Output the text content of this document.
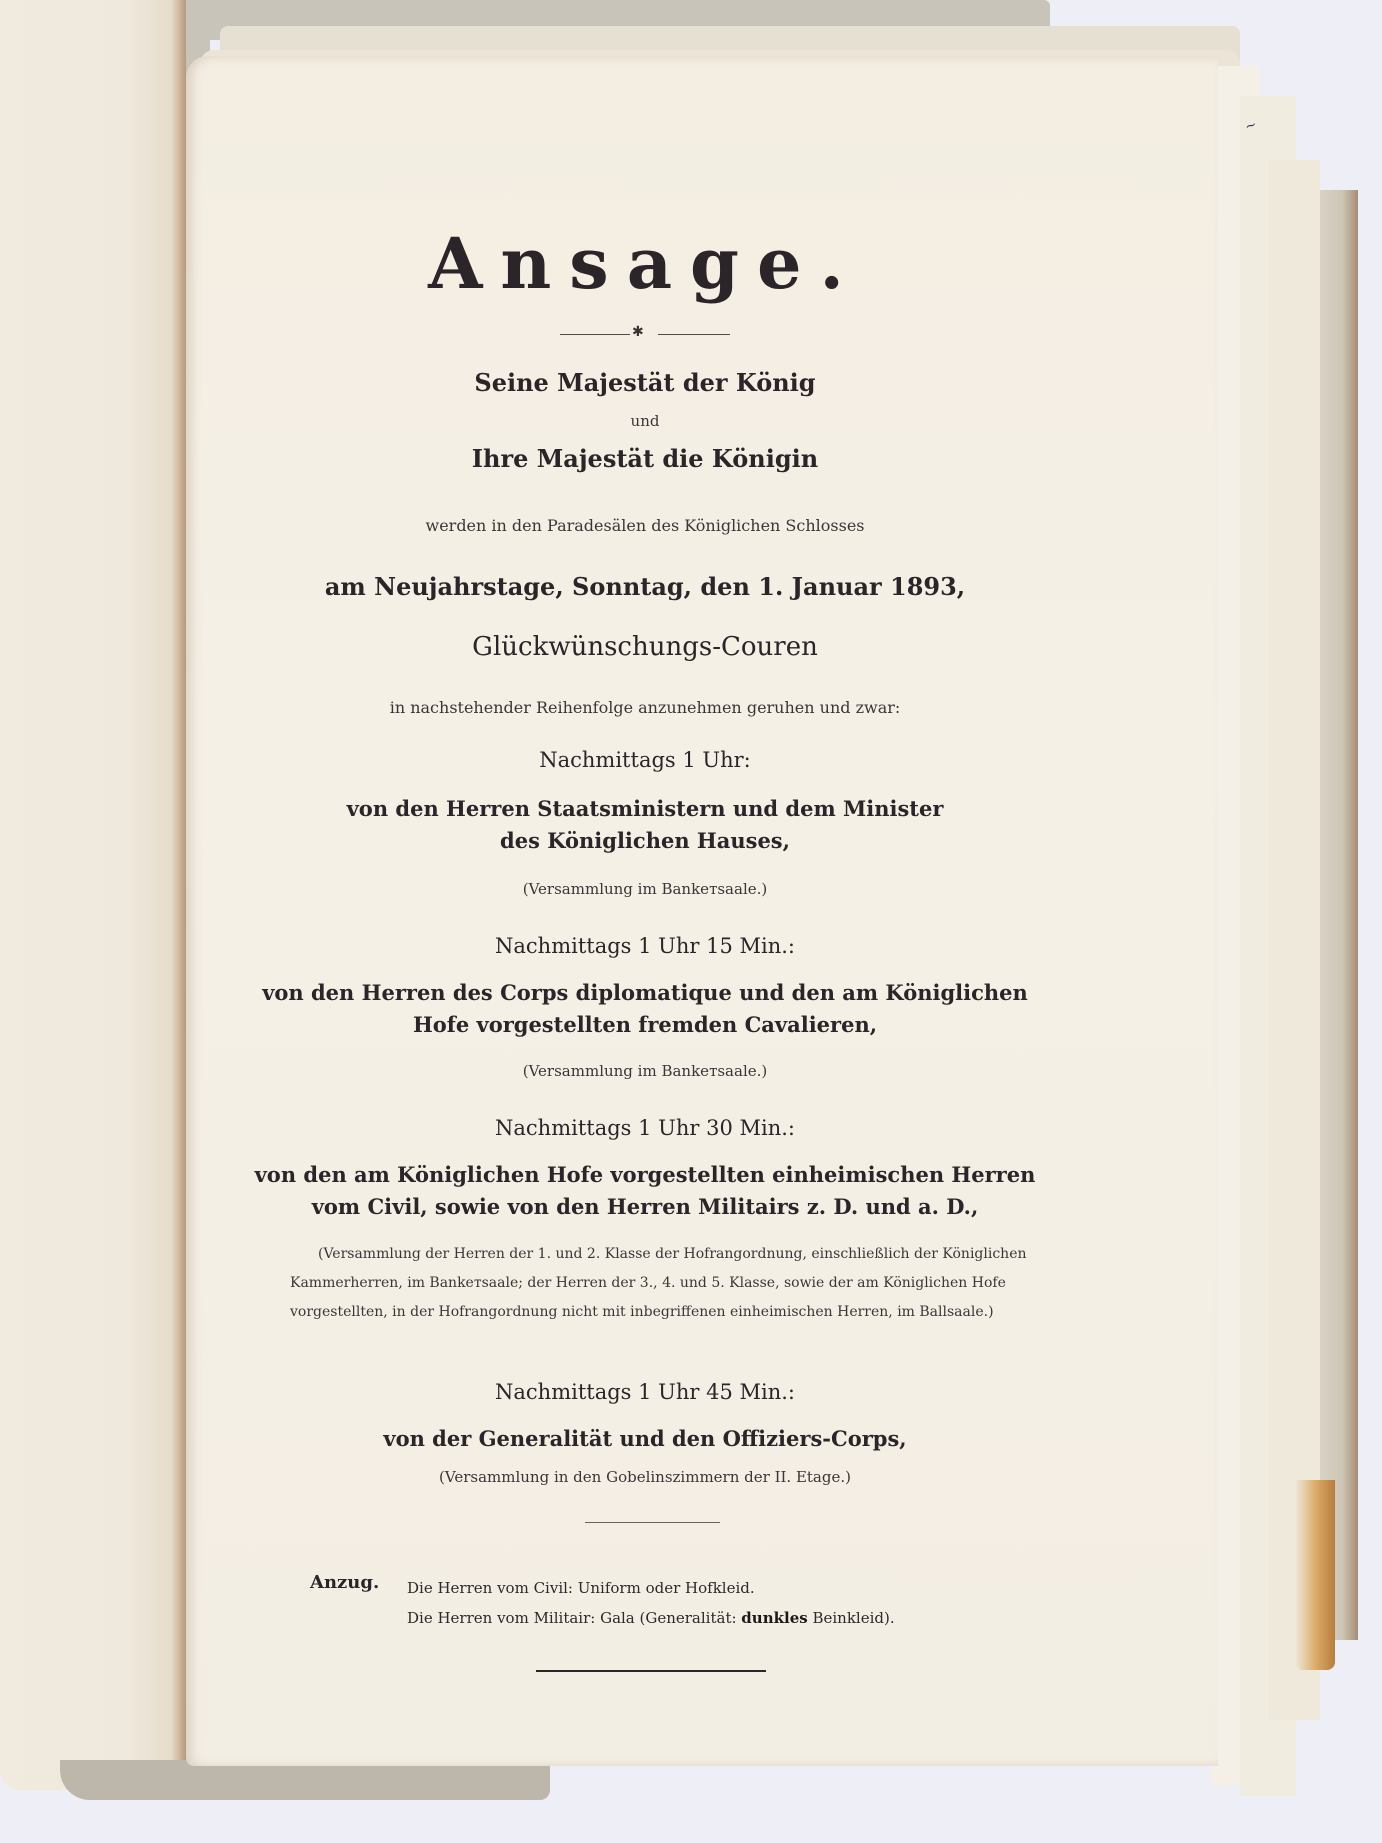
~
Ansage.
✱
Seine Majestät der König
und
Ihre Majestät die Königin
werden in den Paradesälen des Königlichen Schlosses
am Neujahrstage, Sonntag, den 1. Januar 1893,
Glückwünschungs-Couren
in nachstehender Reihenfolge anzunehmen geruhen und zwar:
Nachmittags 1 Uhr:
von den Herren Staatsministern und dem Minister
des Königlichen Hauses,
(Versammlung im Bankeтsaale.)
Nachmittags 1 Uhr 15 Min.:
von den Herren des Corps diplomatique und den am Königlichen
Hofe vorgestellten fremden Cavalieren,
(Versammlung im Bankeтsaale.)
Nachmittags 1 Uhr 30 Min.:
von den am Königlichen Hofe vorgestellten einheimischen Herren
vom Civil, sowie von den Herren Militairs z. D. und a. D.,
(Versammlung der Herren der 1. und 2. Klasse der Hofrangordnung, einschließlich der Königlichen Kammerherren, im Bankeтsaale; der Herren der 3., 4. und 5. Klasse, sowie der am Königlichen Hofe vorgestellten, in der Hofrangordnung nicht mit inbegriffenen einheimischen Herren, im Ballsaale.)
Nachmittags 1 Uhr 45 Min.:
von der Generalität und den Offiziers-Corps,
(Versammlung in den Gobelinszimmern der II. Etage.)
Anzug. Die Herren vom Civil: Uniform oder Hofkleid.
Die Herren vom Militair: Gala (Generalität: dunkles Beinkleid).
